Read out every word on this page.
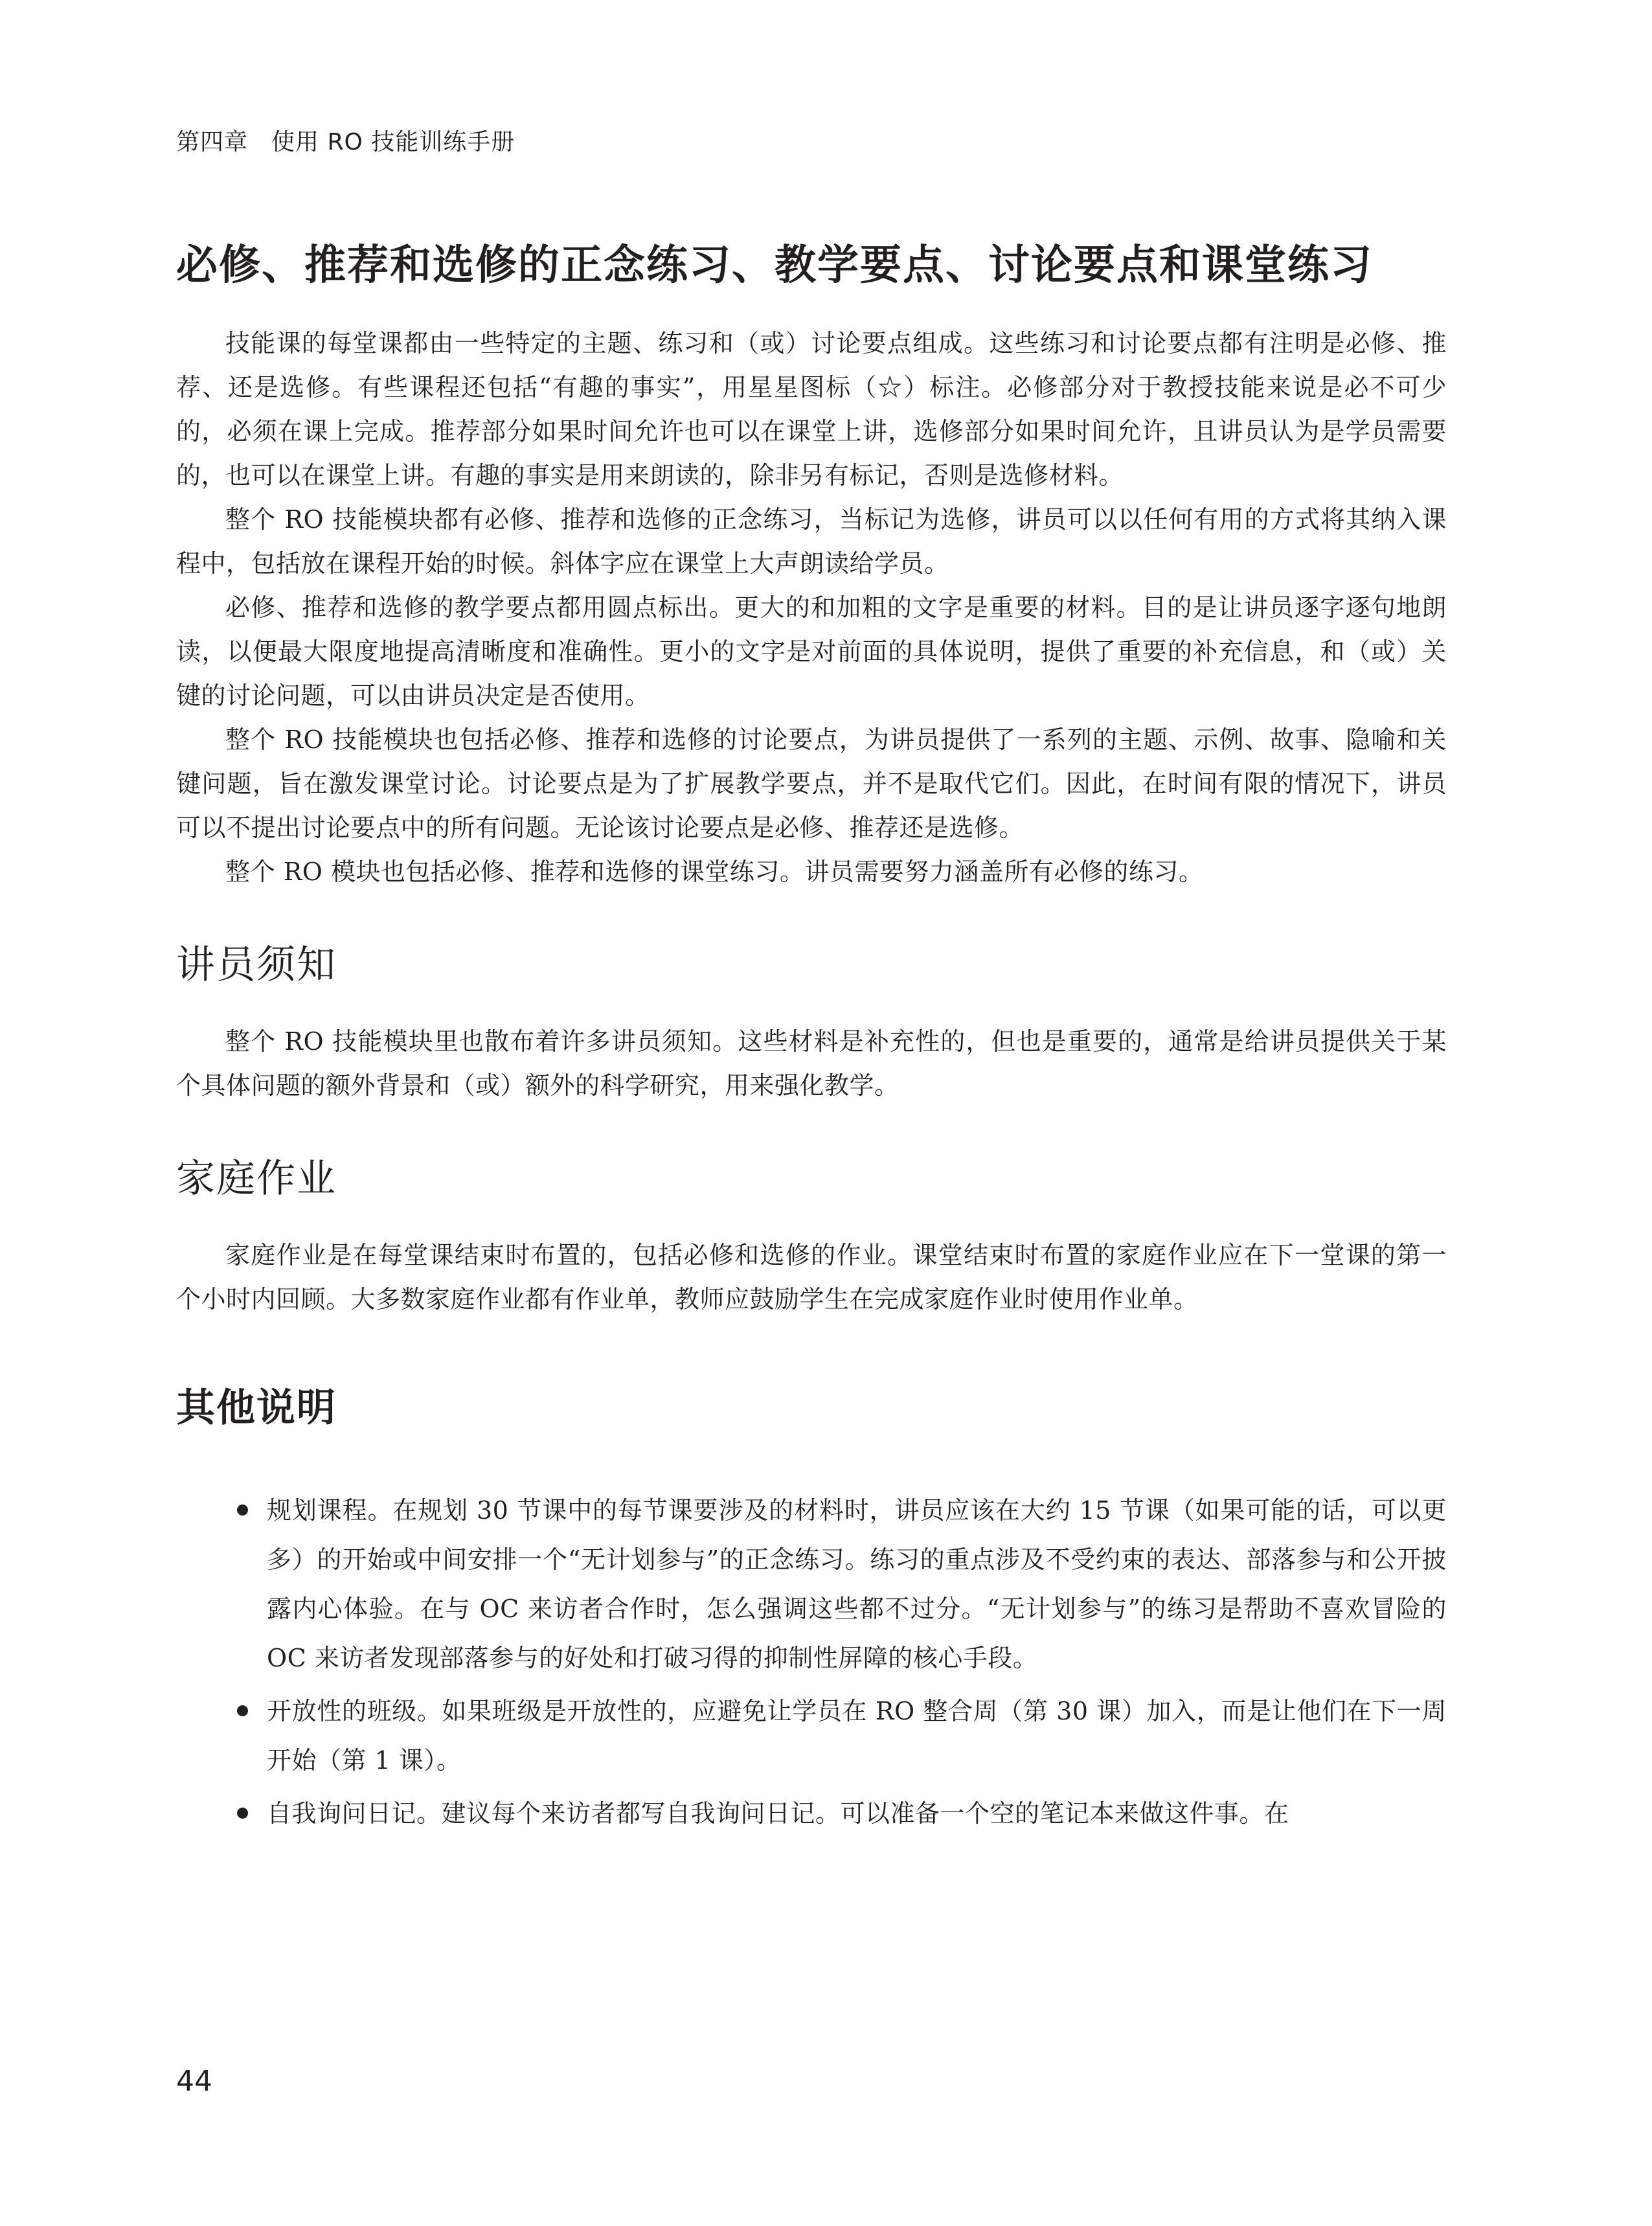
第四章 使用 RO 技能训练手册
必修、推荐和选修的正念练习、教学要点、讨论要点和课堂练习

技能课的每堂课都由一些特定的主题、练习和（或）讨论要点组成。这些练习和讨论要点都有注明是必修、推荐、还是选修。有些课程还包括“有趣的事实”，用星星图标（☆）标注。必修部分对于教授技能来说是必不可少的，必须在课上完成。推荐部分如果时间允许也可以在课堂上讲，选修部分如果时间允许，且讲员认为是学员需要的，也可以在课堂上讲。有趣的事实是用来朗读的，除非另有标记，否则是选修材料。

整个 RO 技能模块都有必修、推荐和选修的正念练习，当标记为选修，讲员可以以任何有用的方式将其纳入课程中，包括放在课程开始的时候。斜体字应在课堂上大声朗读给学员。

必修、推荐和选修的教学要点都用圆点标出。更大的和加粗的文字是重要的材料。目的是让讲员逐字逐句地朗读，以便最大限度地提高清晰度和准确性。更小的文字是对前面的具体说明，提供了重要的补充信息，和（或）关键的讨论问题，可以由讲员决定是否使用。

整个 RO 技能模块也包括必修、推荐和选修的讨论要点，为讲员提供了一系列的主题、示例、故事、隐喻和关键问题，旨在激发课堂讨论。讨论要点是为了扩展教学要点，并不是取代它们。因此，在时间有限的情况下，讲员可以不提出讨论要点中的所有问题。无论该讨论要点是必修、推荐还是选修。

整个 RO 模块也包括必修、推荐和选修的课堂练习。讲员需要努力涵盖所有必修的练习。

讲员须知

整个 RO 技能模块里也散布着许多讲员须知。这些材料是补充性的，但也是重要的，通常是给讲员提供关于某个具体问题的额外背景和（或）额外的科学研究，用来强化教学。

家庭作业

家庭作业是在每堂课结束时布置的，包括必修和选修的作业。课堂结束时布置的家庭作业应在下一堂课的第一个小时内回顾。大多数家庭作业都有作业单，教师应鼓励学生在完成家庭作业时使用作业单。

其他说明
规划课程。在规划 30 节课中的每节课要涉及的材料时，讲员应该在大约 15 节课（如果可能的话，可以更多）的开始或中间安排一个“无计划参与”的正念练习。练习的重点涉及不受约束的表达、部落参与和公开披露内心体验。在与 OC 来访者合作时，怎么强调这些都不过分。“无计划参与”的练习是帮助不喜欢冒险的 OC 来访者发现部落参与的好处和打破习得的抑制性屏障的核心手段。
开放性的班级。如果班级是开放性的，应避免让学员在 RO 整合周（第 30 课）加入，而是让他们在下一周开始（第 1 课）。
自我询问日记。建议每个来访者都写自我询问日记。可以准备一个空的笔记本来做这件事。在
44
